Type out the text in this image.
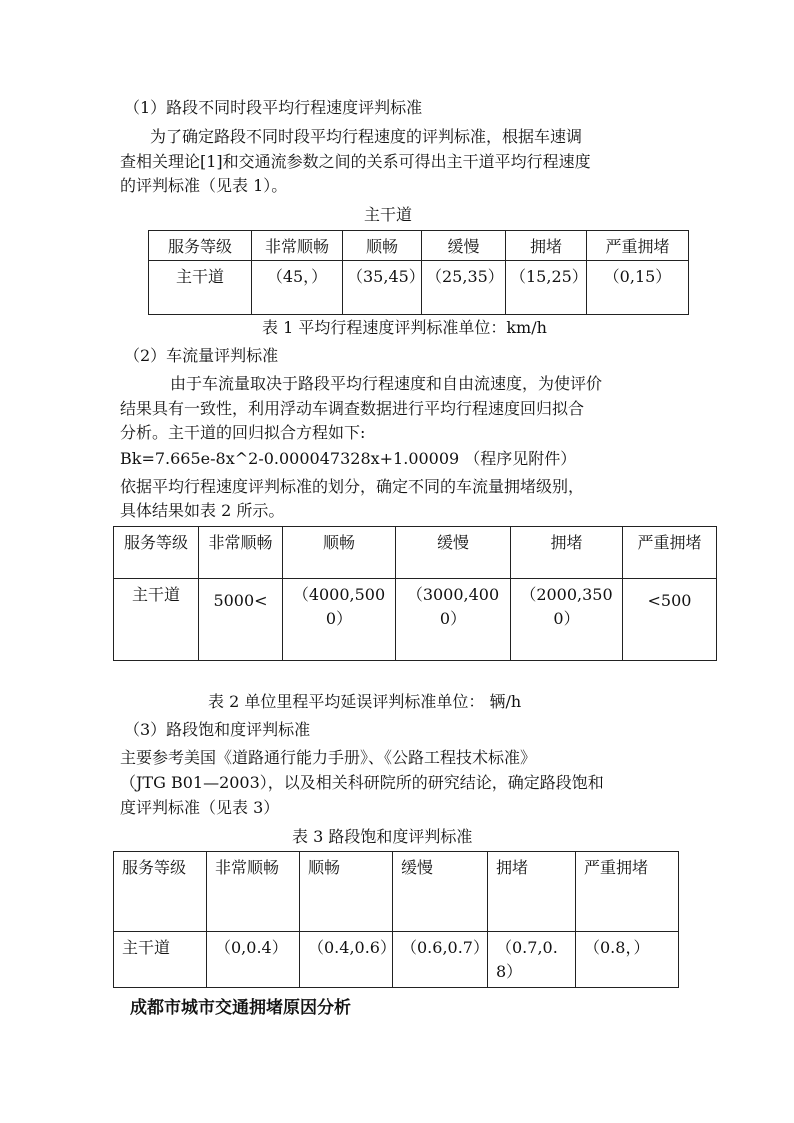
（1）路段不同时段平均行程速度评判标准
为了确定路段不同时段平均行程速度的评判标准，根据车速调
查相关理论[1]和交通流参数之间的关系可得出主干道平均行程速度
的评判标准（见表 1）。
主干道
服务等级	非常顺畅	顺畅	缓慢	拥堵	严重拥堵
主干道	（45，）	（35,45）	（25,35）	（15,25）	（0,15）
表 1 平均行程速度评判标准单位：km/h
（2）车流量评判标准
由于车流量取决于路段平均行程速度和自由流速度，为使评价
结果具有一致性，利用浮动车调查数据进行平均行程速度回归拟合
分析。主干道的回归拟合方程如下:
Bk=7.665e-8x^2-0.000047328x+1.00009 （程序见附件）
依据平均行程速度评判标准的划分，确定不同的车流量拥堵级别，
具体结果如表 2 所示。
服务等级	非常顺畅	顺畅	缓慢	拥堵	严重拥堵
主干道	5000<	（4000,5000）	（3000,4000）	（2000,3500）	<500
表 2 单位里程平均延误评判标准单位： 辆/h
（3）路段饱和度评判标准
主要参考美国《道路通行能力手册》、《公路工程技术标准》
（JTG B01—2003），以及相关科研院所的研究结论，确定路段饱和
度评判标准（见表 3）
表 3 路段饱和度评判标准
服务等级	非常顺畅	顺畅	缓慢	拥堵	严重拥堵
主干道	（0,0.4）	（0.4,0.6）	（0.6,0.7）	（0.7,0.8）	（0.8，）
成都市城市交通拥堵原因分析
